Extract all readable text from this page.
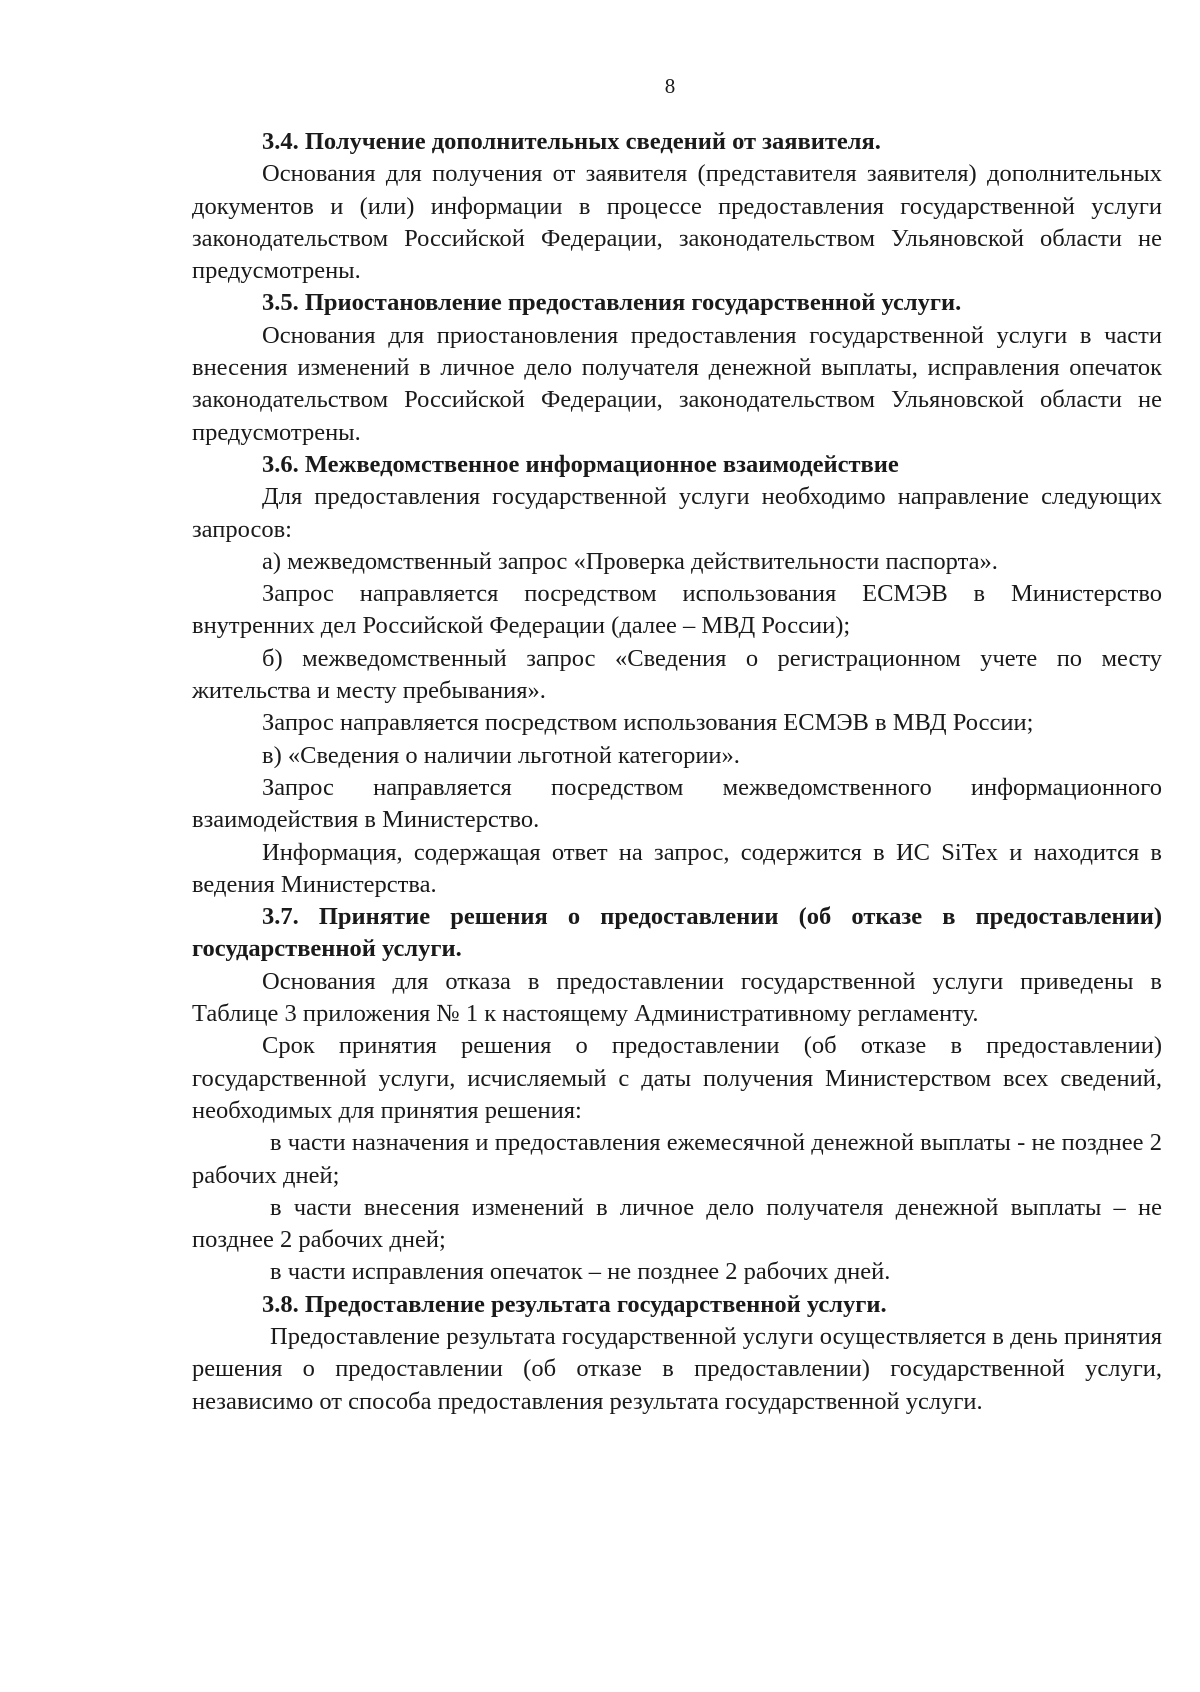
8

3.4. Получение дополнительных сведений от заявителя.

Основания для получения от заявителя (представителя заявителя) дополнительных документов и (или) информации в процессе предоставления государственной услуги законодательством Российской Федерации, законодательством Ульяновской области не предусмотрены.

3.5. Приостановление предоставления государственной услуги.

Основания для приостановления предоставления государственной услуги в части внесения изменений в личное дело получателя денежной выплаты, исправления опечаток законодательством Российской Федерации, законодательством Ульяновской области не предусмотрены.

3.6. Межведомственное информационное взаимодействие

Для предоставления государственной услуги необходимо направление следующих запросов:

а) межведомственный запрос «Проверка действительности паспорта».

Запрос направляется посредством использования ЕСМЭВ в Министерство внутренних дел Российской Федерации (далее – МВД России);

б) межведомственный запрос «Сведения о регистрационном учете по месту жительства и месту пребывания».

Запрос направляется посредством использования ЕСМЭВ в МВД России;

в) «Сведения о наличии льготной категории».

Запрос направляется посредством межведомственного информационного взаимодействия в Министерство.

Информация, содержащая ответ на запрос, содержится в ИС SiTex и находится в ведения Министерства.

3.7. Принятие решения о предоставлении (об отказе в предоставлении) государственной услуги.

Основания для отказа в предоставлении государственной услуги приведены в Таблице 3 приложения № 1 к настоящему Административному регламенту.

Срок принятия решения о предоставлении (об отказе в предоставлении) государственной услуги, исчисляемый с даты получения Министерством всех сведений, необходимых для принятия решения:

в части назначения и предоставления ежемесячной денежной выплаты - не позднее 2 рабочих дней;

в части внесения изменений в личное дело получателя денежной выплаты – не позднее 2 рабочих дней;

в части исправления опечаток – не позднее 2 рабочих дней.

3.8. Предоставление результата государственной услуги.

Предоставление результата государственной услуги осуществляется в день принятия решения о предоставлении (об отказе в предоставлении) государственной услуги, независимо от способа предоставления результата государственной услуги.
